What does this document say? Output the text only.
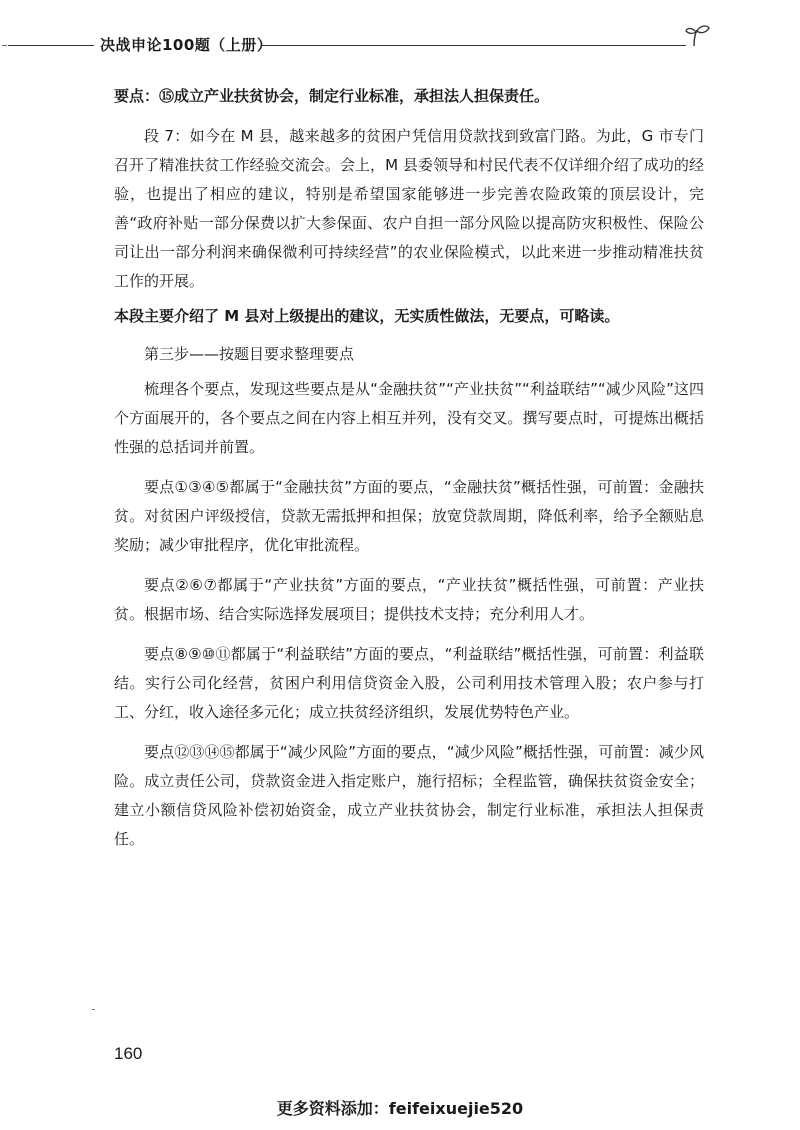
决战申论100题（上册）

要点：⑮成立产业扶贫协会，制定行业标准，承担法人担保责任。

段 7：如今在 M 县，越来越多的贫困户凭信用贷款找到致富门路。为此，G 市专门召开了精准扶贫工作经验交流会。会上，M 县委领导和村民代表不仅详细介绍了成功的经验，也提出了相应的建议，特别是希望国家能够进一步完善农险政策的顶层设计，完善“政府补贴一部分保费以扩大参保面、农户自担一部分风险以提高防灾积极性、保险公司让出一部分利润来确保微利可持续经营”的农业保险模式，以此来进一步推动精准扶贫工作的开展。

本段主要介绍了 M 县对上级提出的建议，无实质性做法，无要点，可略读。

第三步——按题目要求整理要点

梳理各个要点，发现这些要点是从“金融扶贫”“产业扶贫”“利益联结”“减少风险”这四个方面展开的，各个要点之间在内容上相互并列，没有交叉。撰写要点时，可提炼出概括性强的总括词并前置。

要点①③④⑤都属于“金融扶贫”方面的要点，“金融扶贫”概括性强，可前置：金融扶贫。对贫困户评级授信，贷款无需抵押和担保；放宽贷款周期，降低利率，给予全额贴息奖励；减少审批程序，优化审批流程。

要点②⑥⑦都属于“产业扶贫”方面的要点，“产业扶贫”概括性强，可前置：产业扶贫。根据市场、结合实际选择发展项目；提供技术支持；充分利用人才。

要点⑧⑨⑩⑪都属于“利益联结”方面的要点，“利益联结”概括性强，可前置：利益联结。实行公司化经营，贫困户利用信贷资金入股，公司利用技术管理入股；农户参与打工、分红，收入途径多元化；成立扶贫经济组织，发展优势特色产业。

要点⑫⑬⑭⑮都属于“减少风险”方面的要点，“减少风险”概括性强，可前置：减少风险。成立责任公司，贷款资金进入指定账户，施行招标；全程监管，确保扶贫资金安全；建立小额信贷风险补偿初始资金，成立产业扶贫协会，制定行业标准，承担法人担保责任。

160
更多资料添加：feifeixuejie520
